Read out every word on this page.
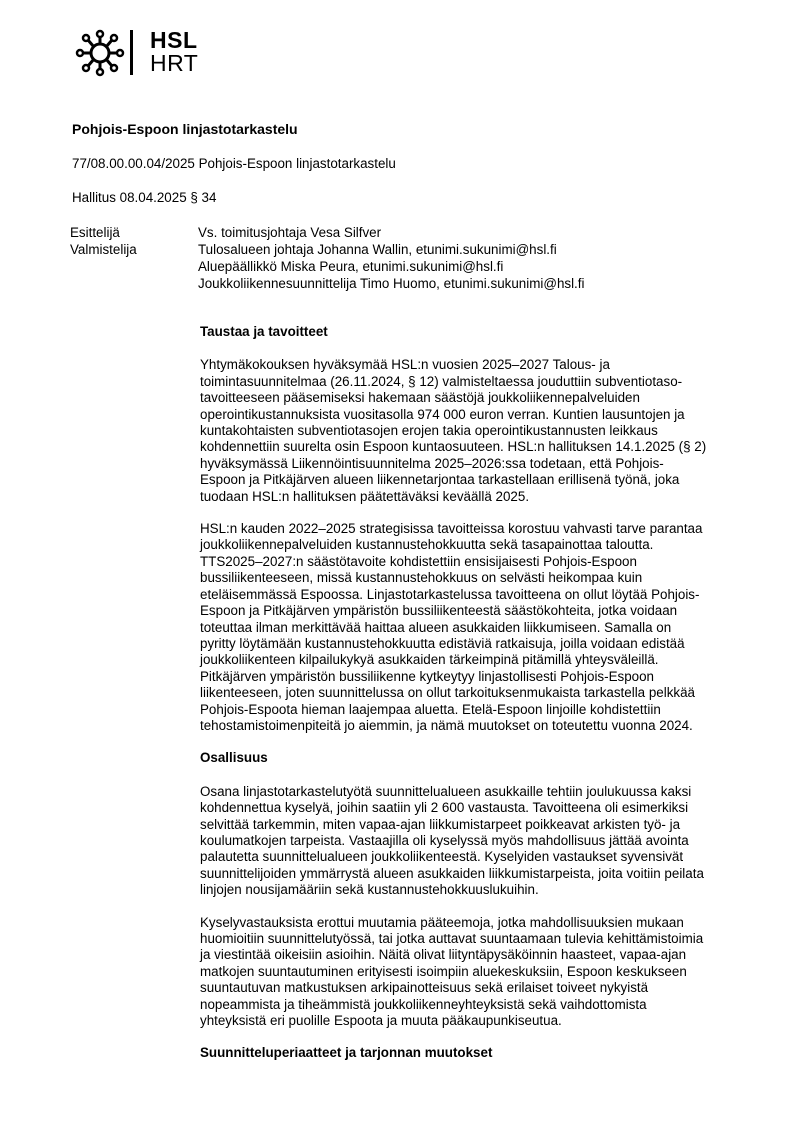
HSL
HRT
Pohjois-Espoon linjastotarkastelu
77/08.00.00.04/2025 Pohjois-Espoon linjastotarkastelu
Hallitus 08.04.2025 § 34
Esittelijä	Vs. toimitusjohtaja Vesa Silfver
Valmistelija	Tulosalueen johtaja Johanna Wallin, etunimi.sukunimi@hsl.fi
Aluepäällikkö Miska Peura, etunimi.sukunimi@hsl.fi
Joukkoliikennesuunnittelija Timo Huomo, etunimi.sukunimi@hsl.fi
Taustaa ja tavoitteet

Yhtymäkokouksen hyväksymää HSL:n vuosien 2025–2027 Talous- ja
toimintasuunnitelmaa (26.11.2024, § 12) valmisteltaessa jouduttiin subventiotaso-
tavoitteeseen pääsemiseksi hakemaan säästöjä joukkoliikennepalveluiden
operointikustannuksista vuositasolla 974 000 euron verran. Kuntien lausuntojen ja
kuntakohtaisten subventiotasojen erojen takia operointikustannusten leikkaus
kohdennettiin suurelta osin Espoon kuntaosuuteen. HSL:n hallituksen 14.1.2025 (§ 2)
hyväksymässä Liikennöintisuunnitelma 2025–2026:ssa todetaan, että Pohjois-
Espoon ja Pitkäjärven alueen liikennetarjontaa tarkastellaan erillisenä työnä, joka
tuodaan HSL:n hallituksen päätettäväksi keväällä 2025.

HSL:n kauden 2022–2025 strategisissa tavoitteissa korostuu vahvasti tarve parantaa
joukkoliikennepalveluiden kustannustehokkuutta sekä tasapainottaa taloutta.
TTS2025–2027:n säästötavoite kohdistettiin ensisijaisesti Pohjois-Espoon
bussiliikenteeseen, missä kustannustehokkuus on selvästi heikompaa kuin
eteläisemmässä Espoossa. Linjastotarkastelussa tavoitteena on ollut löytää Pohjois-
Espoon ja Pitkäjärven ympäristön bussiliikenteestä säästökohteita, jotka voidaan
toteuttaa ilman merkittävää haittaa alueen asukkaiden liikkumiseen. Samalla on
pyritty löytämään kustannustehokkuutta edistäviä ratkaisuja, joilla voidaan edistää
joukkoliikenteen kilpailukykyä asukkaiden tärkeimpinä pitämillä yhteysväleillä.
Pitkäjärven ympäristön bussiliikenne kytkeytyy linjastollisesti Pohjois-Espoon
liikenteeseen, joten suunnittelussa on ollut tarkoituksenmukaista tarkastella pelkkää
Pohjois-Espoota hieman laajempaa aluetta. Etelä-Espoon linjoille kohdistettiin
tehostamistoimenpiteitä jo aiemmin, ja nämä muutokset on toteutettu vuonna 2024.

Osallisuus

Osana linjastotarkastelutyötä suunnittelualueen asukkaille tehtiin joulukuussa kaksi
kohdennettua kyselyä, joihin saatiin yli 2 600 vastausta. Tavoitteena oli esimerkiksi
selvittää tarkemmin, miten vapaa-ajan liikkumistarpeet poikkeavat arkisten työ- ja
koulumatkojen tarpeista. Vastaajilla oli kyselyssä myös mahdollisuus jättää avointa
palautetta suunnittelualueen joukkoliikenteestä. Kyselyiden vastaukset syvensivät
suunnittelijoiden ymmärrystä alueen asukkaiden liikkumistarpeista, joita voitiin peilata
linjojen nousijamääriin sekä kustannustehokkuuslukuihin.

Kyselyvastauksista erottui muutamia pääteemoja, jotka mahdollisuuksien mukaan
huomioitiin suunnittelutyössä, tai jotka auttavat suuntaamaan tulevia kehittämistoimia
ja viestintää oikeisiin asioihin. Näitä olivat liityntäpysäköinnin haasteet, vapaa-ajan
matkojen suuntautuminen erityisesti isoimpiin aluekeskuksiin, Espoon keskukseen
suuntautuvan matkustuksen arkipainotteisuus sekä erilaiset toiveet nykyistä
nopeammista ja tiheämmistä joukkoliikenneyhteyksistä sekä vaihdottomista
yhteyksistä eri puolille Espoota ja muuta pääkaupunkiseutua.

Suunnitteluperiaatteet ja tarjonnan muutokset
